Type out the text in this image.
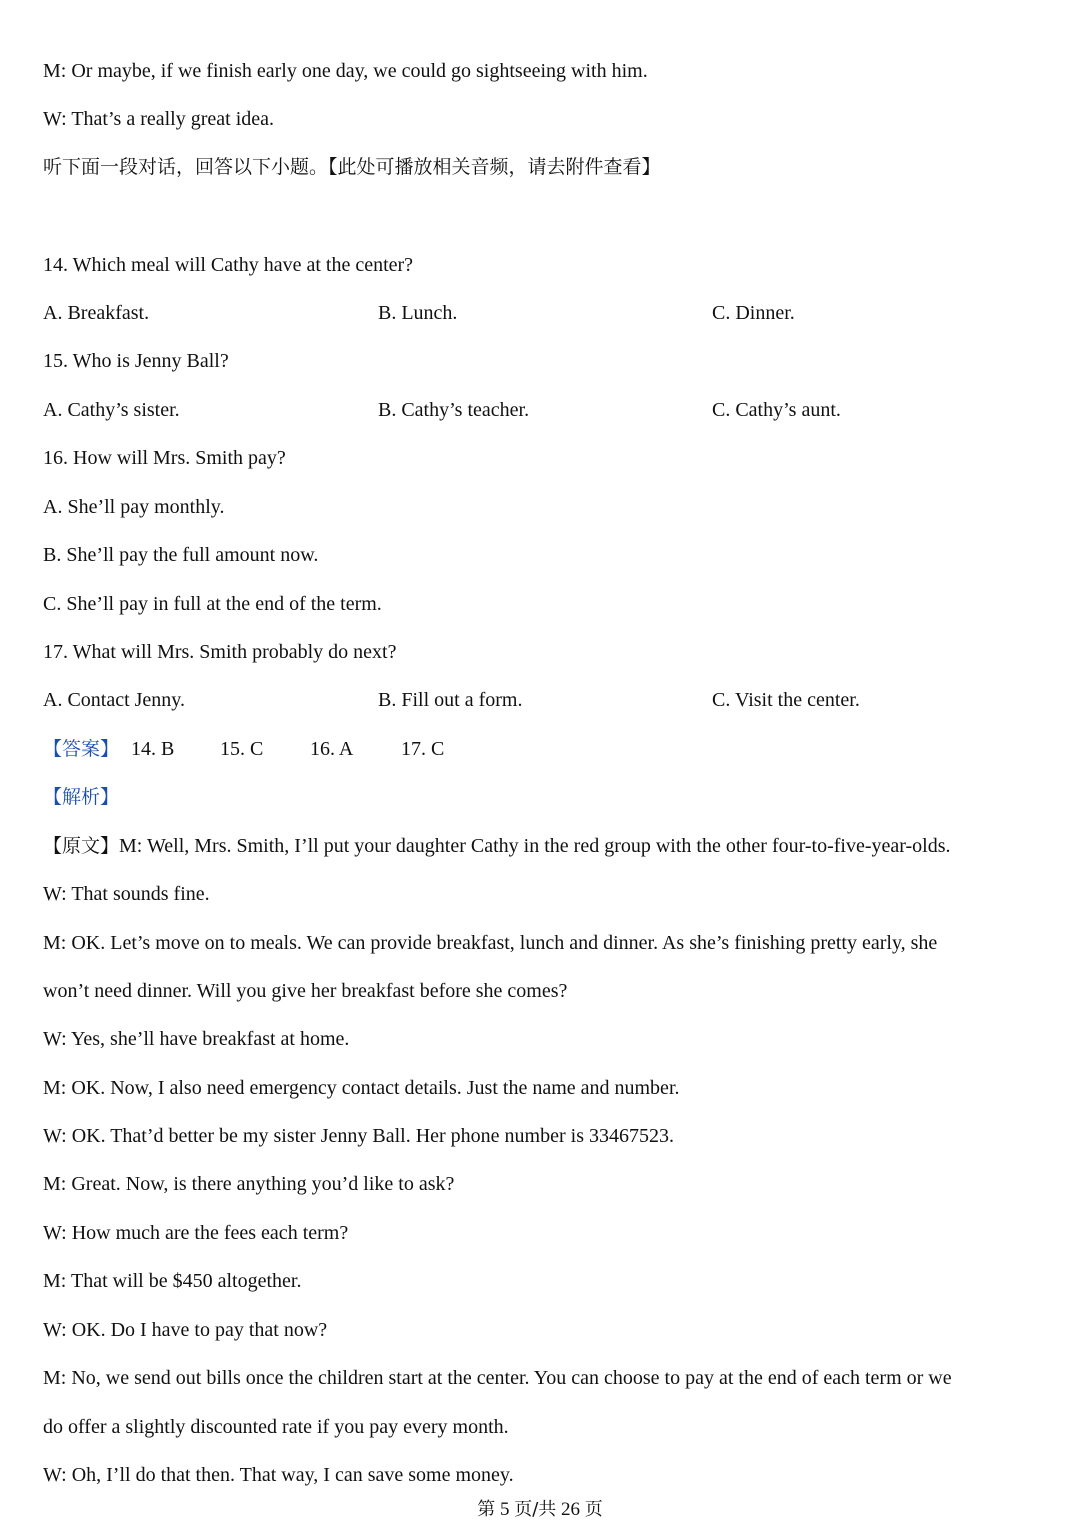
M: Or maybe, if we finish early one day, we could go sightseeing with him.
W: That’s a really great idea.
听下面一段对话，回答以下小题。【此处可播放相关音频，请去附件查看】
14. Which meal will Cathy have at the center?
A. Breakfast.	B. Lunch.	C. Dinner.
15. Who is Jenny Ball?
A. Cathy’s sister.	B. Cathy’s teacher.	C. Cathy’s aunt.
16. How will Mrs. Smith pay?
A. She’ll pay monthly.
B. She’ll pay the full amount now.
C. She’ll pay in full at the end of the term.
17. What will Mrs. Smith probably do next?
A. Contact Jenny.	B. Fill out a form.	C. Visit the center.
【答案】 14. B 15. C 16. A 17. C
【解析】
【原文】M: Well, Mrs. Smith, I’ll put your daughter Cathy in the red group with the other four-to-five-year-olds.
W: That sounds fine.
M: OK. Let’s move on to meals. We can provide breakfast, lunch and dinner. As she’s finishing pretty early, she
won’t need dinner. Will you give her breakfast before she comes?
W: Yes, she’ll have breakfast at home.
M: OK. Now, I also need emergency contact details. Just the name and number.
W: OK. That’d better be my sister Jenny Ball. Her phone number is 33467523.
M: Great. Now, is there anything you’d like to ask?
W: How much are the fees each term?
M: That will be $450 altogether.
W: OK. Do I have to pay that now?
M: No, we send out bills once the children start at the center. You can choose to pay at the end of each term or we
do offer a slightly discounted rate if you pay every month.
W: Oh, I’ll do that then. That way, I can save some money.
第 5 页/共 26 页
